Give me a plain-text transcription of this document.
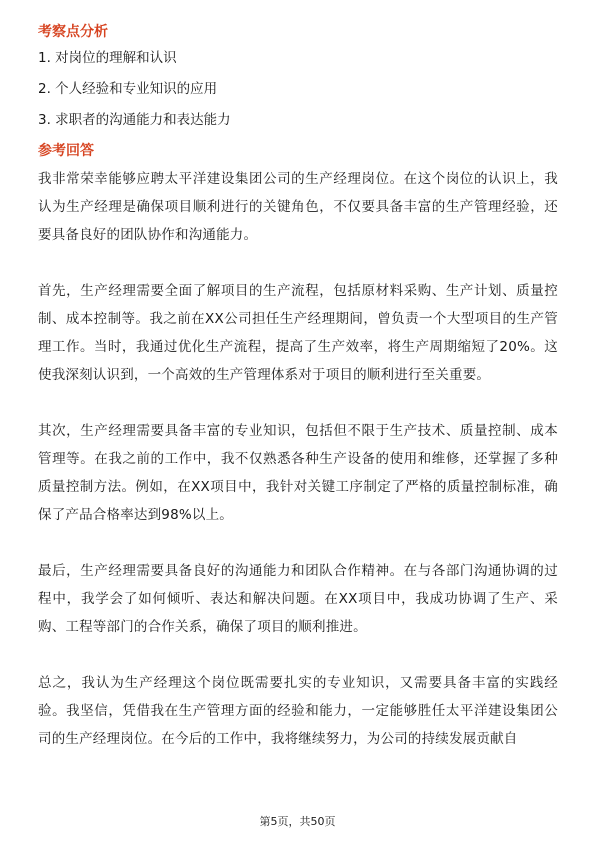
考察点分析
1. 对岗位的理解和认识
2. 个人经验和专业知识的应用
3. 求职者的沟通能力和表达能力
参考回答

我非常荣幸能够应聘太平洋建设集团公司的生产经理岗位。在这个岗位的认识上，我认为生产经理是确保项目顺利进行的关键角色，不仅要具备丰富的生产管理经验，还要具备良好的团队协作和沟通能力。

首先，生产经理需要全面了解项目的生产流程，包括原材料采购、生产计划、质量控制、成本控制等。我之前在XX公司担任生产经理期间，曾负责一个大型项目的生产管理工作。当时，我通过优化生产流程，提高了生产效率，将生产周期缩短了20%。这使我深刻认识到，一个高效的生产管理体系对于项目的顺利进行至关重要。

其次，生产经理需要具备丰富的专业知识，包括但不限于生产技术、质量控制、成本管理等。在我之前的工作中，我不仅熟悉各种生产设备的使用和维修，还掌握了多种质量控制方法。例如，在XX项目中，我针对关键工序制定了严格的质量控制标准，确保了产品合格率达到98%以上。

最后，生产经理需要具备良好的沟通能力和团队合作精神。在与各部门沟通协调的过程中，我学会了如何倾听、表达和解决问题。在XX项目中，我成功协调了生产、采购、工程等部门的合作关系，确保了项目的顺利推进。

总之，我认为生产经理这个岗位既需要扎实的专业知识，又需要具备丰富的实践经验。我坚信，凭借我在生产管理方面的经验和能力，一定能够胜任太平洋建设集团公司的生产经理岗位。在今后的工作中，我将继续努力，为公司的持续发展贡献自

第5页，共50页
